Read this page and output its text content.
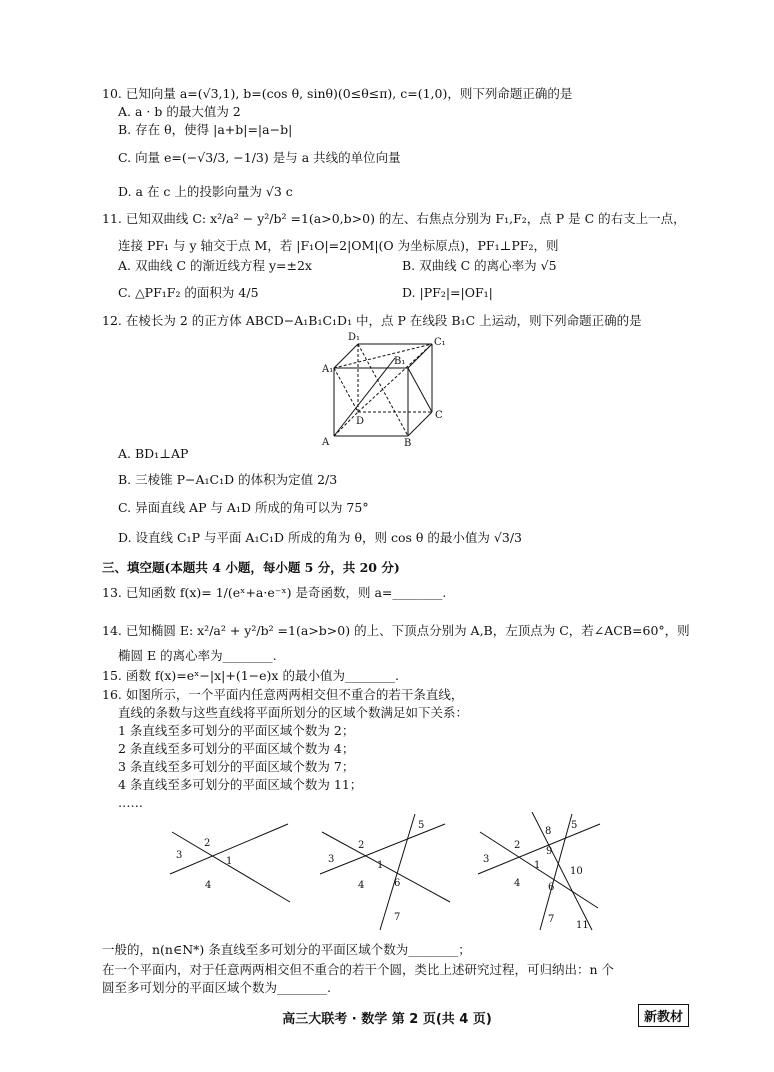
10. 已知向量 a=(√3,1), b=(cos θ, sinθ)(0≤θ≤π), c=(1,0)，则下列命题正确的是
A. a · b 的最大值为 2
B. 存在 θ，使得 |a+b|=|a−b|
C. 向量 e=(−√3/3, −1/3) 是与 a 共线的单位向量
D. a 在 c 上的投影向量为 √3 c
11. 已知双曲线 C: x²/a² − y²/b² =1(a>0,b>0) 的左、右焦点分别为 F₁,F₂，点 P 是 C 的右支上一点，
连接 PF₁ 与 y 轴交于点 M，若 |F₁O|=2|OM|(O 为坐标原点)，PF₁⊥PF₂，则
A. 双曲线 C 的渐近线方程 y=±2x	B. 双曲线 C 的离心率为 √5
C. △PF₁F₂ 的面积为 4/5	D. |PF₂|=|OF₁|
12. 在棱长为 2 的正方体 ABCD−A₁B₁C₁D₁ 中，点 P 在线段 B₁C 上运动，则下列命题正确的是
A	B
C
D
A₁
B₁
C₁
D₁
A. BD₁⊥AP
B. 三棱锥 P−A₁C₁D 的体积为定值 2/3
C. 异面直线 AP 与 A₁D 所成的角可以为 75°
D. 设直线 C₁P 与平面 A₁C₁D 所成的角为 θ，则 cos θ 的最小值为 √3/3
三、填空题(本题共 4 小题，每小题 5 分，共 20 分)
13. 已知函数 f(x)= 1/(eˣ+a·e⁻ˣ) 是奇函数，则 a=________.
14. 已知椭圆 E: x²/a² + y²/b² =1(a>b>0) 的上、下顶点分别为 A,B，左顶点为 C，若∠ACB=60°，则
椭圆 E 的离心率为________.
15. 函数 f(x)=eˣ−|x|+(1−e)x 的最小值为________.
16. 如图所示，一个平面内任意两两相交但不重合的若干条直线，
直线的条数与这些直线将平面所划分的区域个数满足如下关系：
1 条直线至多可划分的平面区域个数为 2；
2 条直线至多可划分的平面区域个数为 4；
3 条直线至多可划分的平面区域个数为 7；
4 条直线至多可划分的平面区域个数为 11；
……
1
2
3
4
1
2
3
4
5
6
7
1
2
3
4
5
6
7
8
9
10
11
一般的，n(n∈N*) 条直线至多可划分的平面区域个数为________；
在一个平面内，对于任意两两相交但不重合的若干个圆，类比上述研究过程，可归纳出：n 个
圆至多可划分的平面区域个数为________.
高三大联考 · 数学 第 2 页(共 4 页)	新教材
